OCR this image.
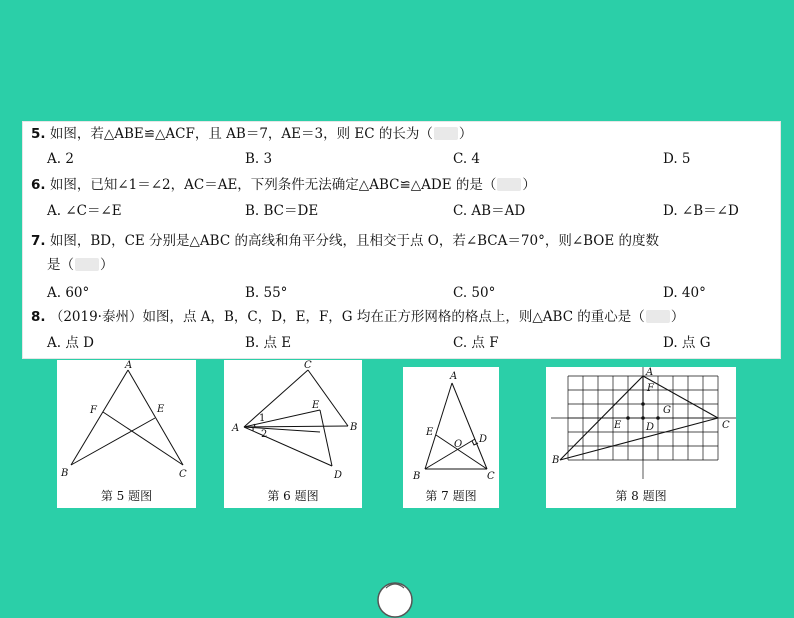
5. 如图，若△ABE≌△ACF，且 AB＝7，AE＝3，则 EC 的长为（ ）
A. 2	B. 3	C. 4	D. 5
6. 如图，已知∠1＝∠2，AC＝AE，下列条件无法确定△ABC≌△ADE 的是（ ）
A. ∠C＝∠E	B. BC＝DE	C. AB＝AD	D. ∠B＝∠D
7. 如图，BD，CE 分别是△ABC 的高线和角平分线，且相交于点 O，若∠BCA＝70°，则∠BOE 的度数
是（ ）
A. 60°	B. 55°	C. 50°	D. 40°
8. （2019·泰州）如图，点 A，B，C，D，E，F，G 均在正方形网格的格点上，则△ABC 的重心是（ ）
A. 点 D	B. 点 E	C. 点 F	D. 点 G
A
B	C
E
F
第 5 题图
C
A	B
E
D
1
2
第 6 题图
A
B	C
D
E
O
第 7 题图
A
B
C
D
E
F
G
第 8 题图
